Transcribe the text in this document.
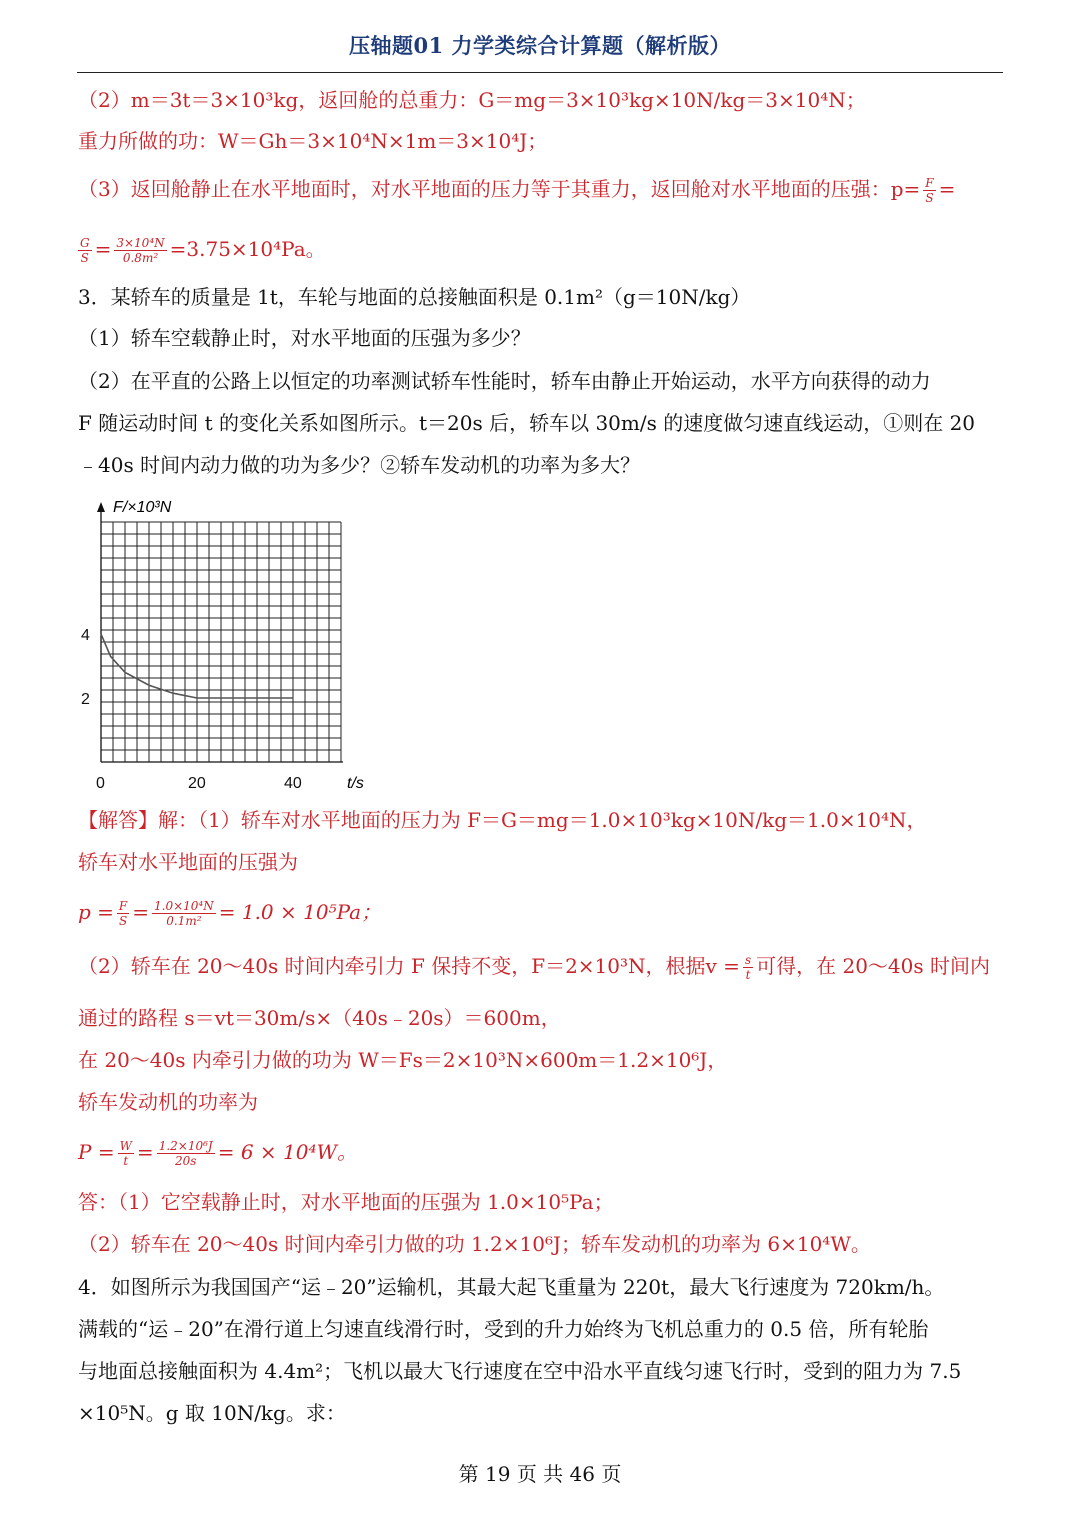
压轴题01 力学类综合计算题（解析版）
（2）m＝3t＝3×10³kg，返回舱的总重力：G＝mg＝3×10³kg×10N/kg＝3×10⁴N；
重力所做的功：W＝Gh＝3×10⁴N×1m＝3×10⁴J；
（3）返回舱静止在水平地面时，对水平地面的压力等于其重力，返回舱对水平地面的压强：$p= \frac{F}{S}$ =
$\frac{G}{S} = \frac{\text{3×10⁴N}}{\text{0.8m²}} =3.75\times 10^4Pa$。
3．某轿车的质量是 1t，车轮与地面的总接触面积是 0.1m²（g＝10N/kg）
（1）轿车空载静止时，对水平地面的压强为多少？
（2）在平直的公路上以恒定的功率测试轿车性能时，轿车由静止开始运动，水平方向获得的动力
F 随运动时间 t 的变化关系如图所示。t＝20s 后，轿车以 30m/s 的速度做匀速直线运动，①则在 20
﹣40s 时间内动力做的功为多少？②轿车发动机的功率为多大？
0	20	40
2
4
F/×10³N
t/s
【解答】解：（1）轿车对水平地面的压力为 F＝G＝mg＝1.0×10³kg×10N/kg＝1.0×10⁴N，
轿车对水平地面的压强为
$p = \frac{F}{S} = \frac{\text{1.0×10⁴N}}{\text{0.1m²}} = 1.0 \times 10^5Pa$；
（2）轿车在 20～40s 时间内牵引力 F 保持不变，F＝2×10³N，根据$v = \frac{s}{t}$ 可得，在 20～40s 时间内
通过的路程 s＝vt＝30m/s×（40s﹣20s）＝600m，
在 20～40s 内牵引力做的功为 W＝Fs＝2×10³N×600m＝1.2×10⁶J，
轿车发动机的功率为
$P = \frac{W}{t} = \frac{\text{1.2×10⁶J}}{20s} = 6 \times 10^4W$。
答：（1）它空载静止时，对水平地面的压强为 1.0×10⁵Pa；
（2）轿车在 20～40s 时间内牵引力做的功 1.2×10⁶J；轿车发动机的功率为 6×10⁴W。
4．如图所示为我国国产“运﹣20”运输机，其最大起飞重量为 220t，最大飞行速度为 720km/h。
满载的“运﹣20”在滑行道上匀速直线滑行时，受到的升力始终为飞机总重力的 0.5 倍，所有轮胎
与地面总接触面积为 4.4m²；飞机以最大飞行速度在空中沿水平直线匀速飞行时，受到的阻力为 7.5
×10⁵N。g 取 10N/kg。求：
第 19 页 共 46 页
